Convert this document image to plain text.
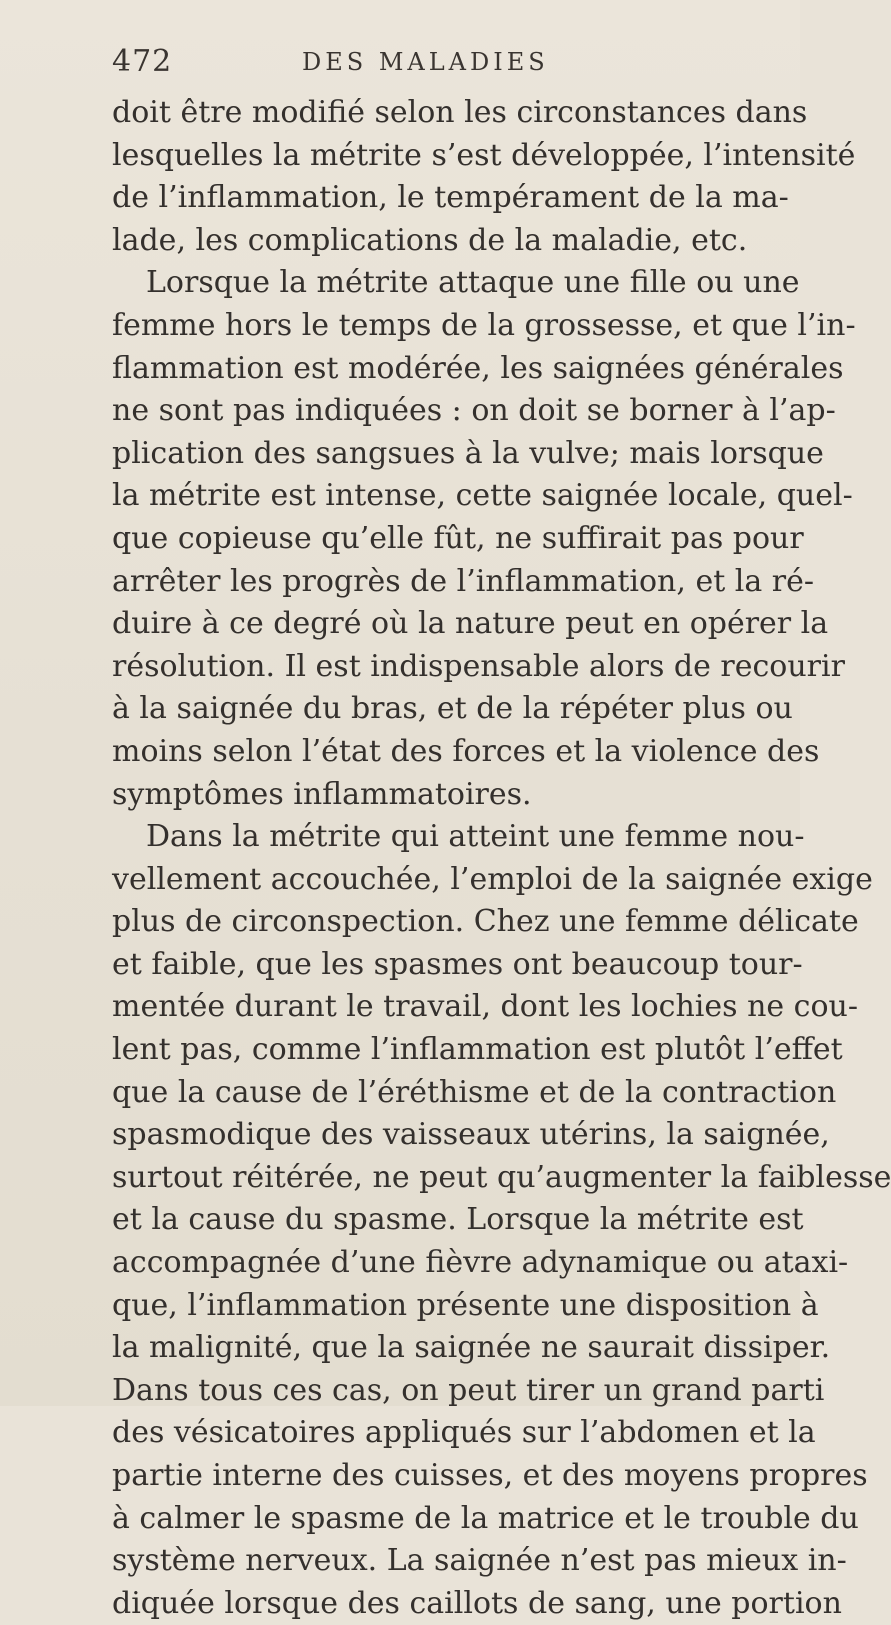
472	DES MALADIES
doit être modifié selon les circonstances dans
lesquelles la métrite s’est développée, l’intensité
de l’inflammation, le tempérament de la ma-
lade, les complications de la maladie, etc.
Lorsque la métrite attaque une fille ou une
femme hors le temps de la grossesse, et que l’in-
flammation est modérée, les saignées générales
ne sont pas indiquées : on doit se borner à l’ap-
plication des sangsues à la vulve; mais lorsque
la métrite est intense, cette saignée locale, quel-
que copieuse qu’elle fût, ne suffirait pas pour
arrêter les progrès de l’inflammation, et la ré-
duire à ce degré où la nature peut en opérer la
résolution. Il est indispensable alors de recourir
à la saignée du bras, et de la répéter plus ou
moins selon l’état des forces et la violence des
symptômes inflammatoires.
Dans la métrite qui atteint une femme nou-
vellement accouchée, l’emploi de la saignée exige
plus de circonspection. Chez une femme délicate
et faible, que les spasmes ont beaucoup tour-
mentée durant le travail, dont les lochies ne cou-
lent pas, comme l’inflammation est plutôt l’effet
que la cause de l’éréthisme et de la contraction
spasmodique des vaisseaux utérins, la saignée,
surtout réitérée, ne peut qu’augmenter la faiblesse
et la cause du spasme. Lorsque la métrite est
accompagnée d’une fièvre adynamique ou ataxi-
que, l’inflammation présente une disposition à
la malignité, que la saignée ne saurait dissiper.
Dans tous ces cas, on peut tirer un grand parti
des vésicatoires appliqués sur l’abdomen et la
partie interne des cuisses, et des moyens propres
à calmer le spasme de la matrice et le trouble du
système nerveux. La saignée n’est pas mieux in-
diquée lorsque des caillots de sang, une portion
